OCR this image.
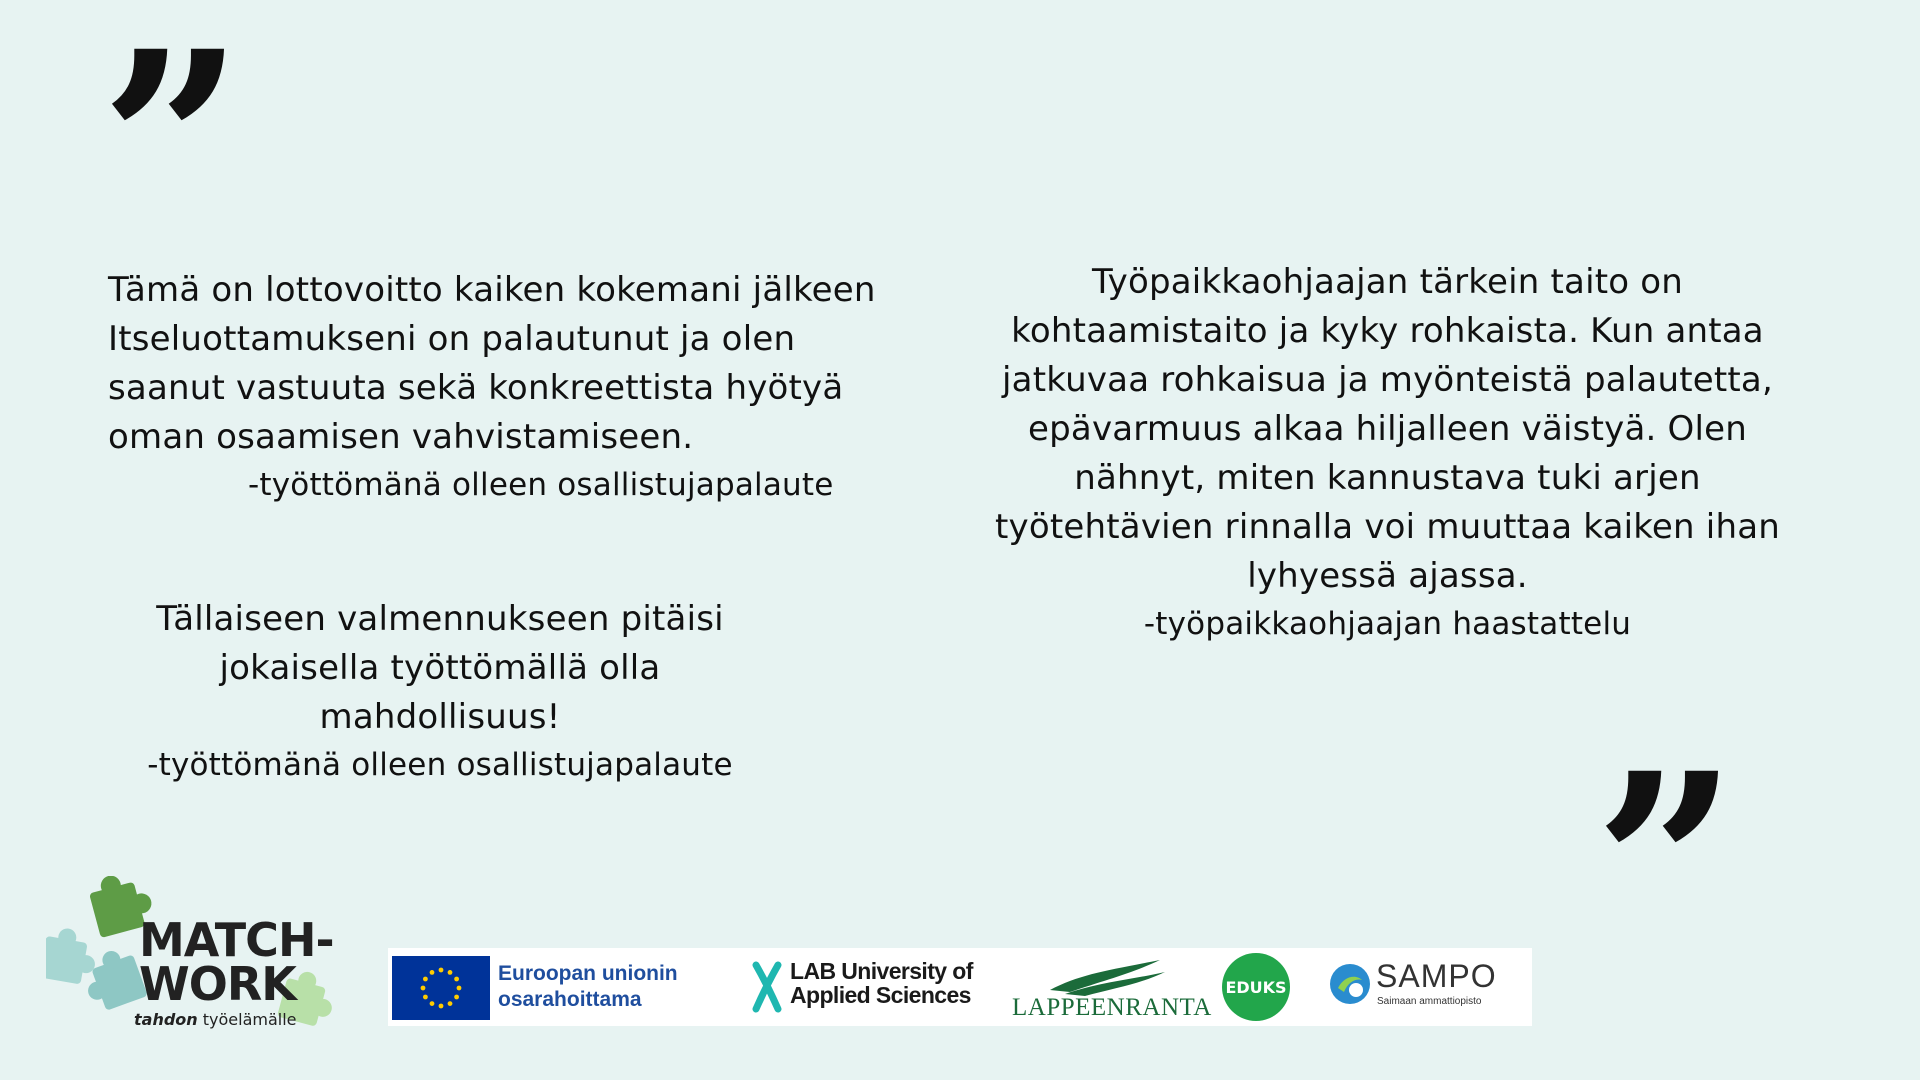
”
”
Tämä on lottovoitto kaiken kokemani jälkeen
Itseluottamukseni on palautunut ja olen
saanut vastuuta sekä konkreettista hyötyä
oman osaamisen vahvistamiseen.
-työttömänä olleen osallistujapalaute
Työpaikkaohjaajan tärkein taito on
kohtaamistaito ja kyky rohkaista. Kun antaa
jatkuvaa rohkaisua ja myönteistä palautetta,
epävarmuus alkaa hiljalleen väistyä. Olen
nähnyt, miten kannustava tuki arjen
työtehtävien rinnalla voi muuttaa kaiken ihan
lyhyessä ajassa.
-työpaikkaohjaajan haastattelu
Tällaiseen valmennukseen pitäisi
jokaisella työttömällä olla
mahdollisuus!
-työttömänä olleen osallistujapalaute
MATCH-
WORK
tahdon työelämälle
Euroopan unionin
osarahoittama
LAB University of
Applied Sciences LAPPEENRANTA
EDUKS	SAMPO
Saimaan ammattiopisto
